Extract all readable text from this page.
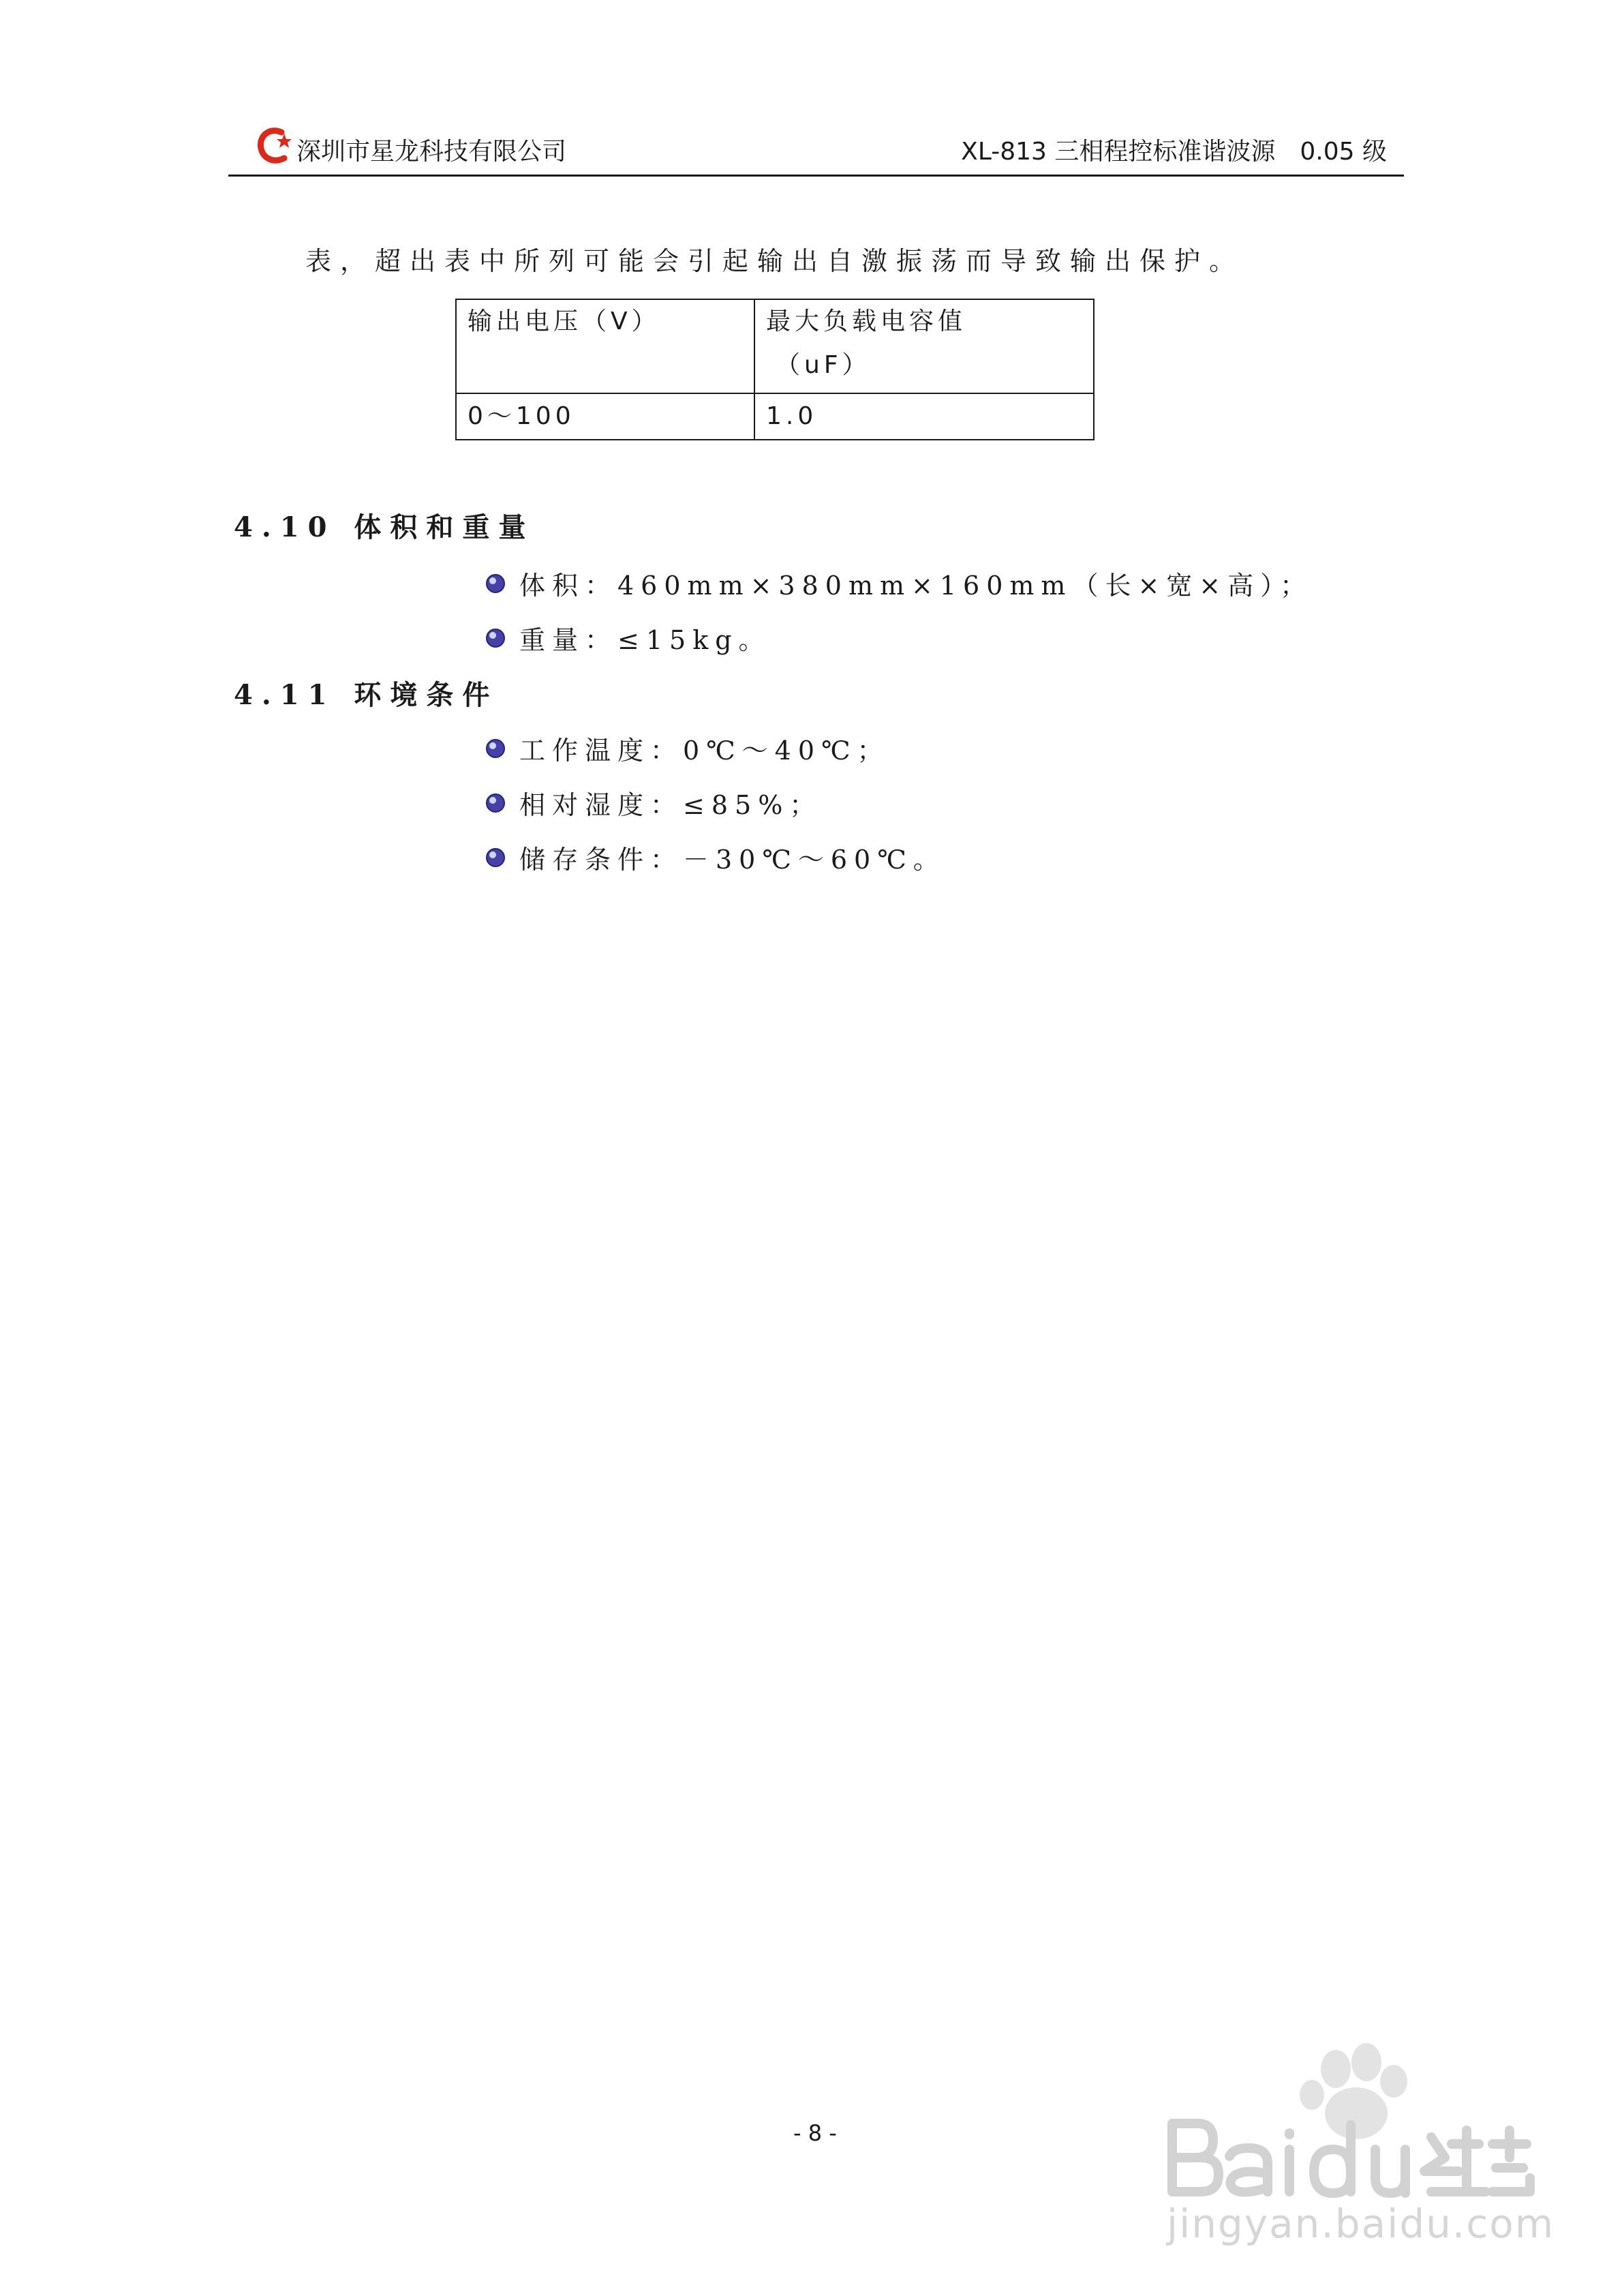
深圳市星龙科技有限公司	XL-813 三相程控标准谐波源　0.05 级
表，超出表中所列可能会引起输出自激振荡而导致输出保护。
输出电压（V）	最大负载电容值
（uF）

0～100	1.0
4.10 体积和重量
体积：460mm×380mm×160mm（长×宽×高）；
重量：≤15kg。
4.11 环境条件
工作温度：0℃～40℃；
相对湿度：≤85%；
储存条件：－30℃～60℃。
- 8 -
jingyan.baidu.com
